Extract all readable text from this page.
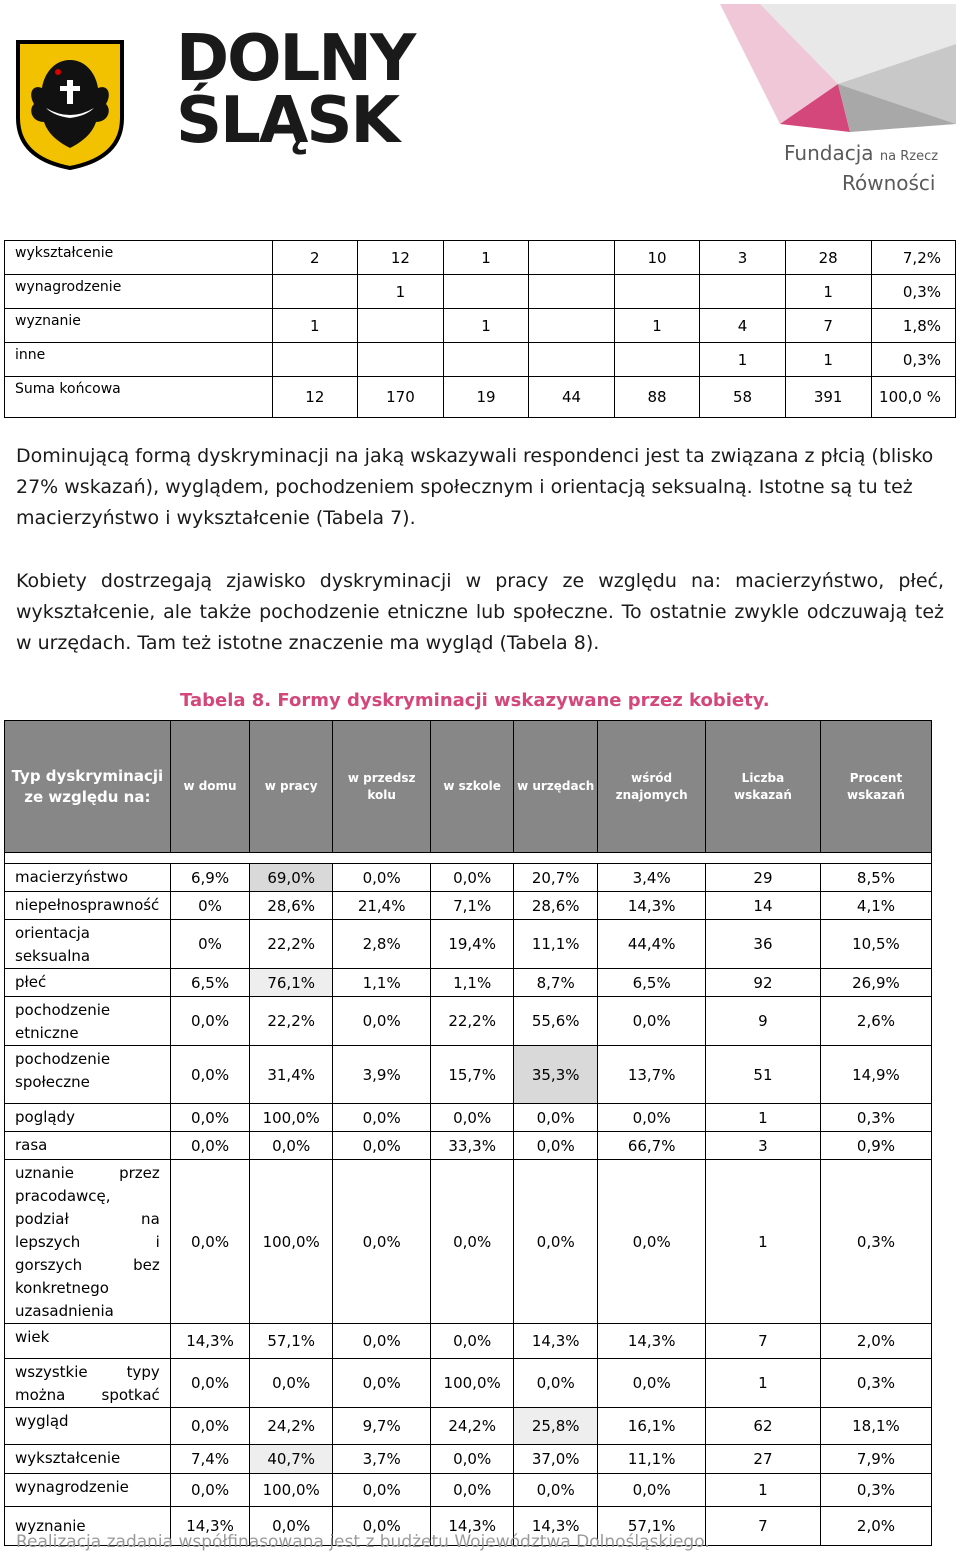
DOLNY
ŚLĄSK	Fundacja na Rzecz
Równości
wykształcenie	2	12	1		10	3	28	7,2%
wynagrodzenie		1					1	0,3%
wyznanie	1		1		1	4	7	1,8%
inne						1	1	0,3%
Suma końcowa	12	170	19	44	88	58	391	100,0 %
Dominującą formą dyskryminacji na jaką wskazywali respondenci jest ta związana z płcią (blisko 27% wskazań), wyglądem, pochodzeniem społecznym i orientacją seksualną. Istotne są tu też macierzyństwo i wykształcenie (Tabela 7).
Kobiety dostrzegają zjawisko dyskryminacji w pracy ze względu na: macierzyństwo, płeć, wykształcenie, ale także pochodzenie etniczne lub społeczne. To ostatnie zwykle odczuwają też w urzędach. Tam też istotne znaczenie ma wygląd (Tabela 8).
Tabela 8. Formy dyskryminacji wskazywane przez kobiety.
Typ dyskryminacji ze względu na:	w domu	w pracy	w przedszkolu	w szkole	w urzędach	wśród znajomych	Liczba wskazań	Procent wskazań

macierzyństwo	6,9%	69,0%	0,0%	0,0%	20,7%	3,4%	29	8,5%
niepełnosprawność	0%	28,6%	21,4%	7,1%	28,6%	14,3%	14	4,1%
orientacja seksualna	0%	22,2%	2,8%	19,4%	11,1%	44,4%	36	10,5%
płeć	6,5%	76,1%	1,1%	1,1%	8,7%	6,5%	92	26,9%
pochodzenie etniczne	0,0%	22,2%	0,0%	22,2%	55,6%	0,0%	9	2,6%
pochodzenie społeczne	0,0%	31,4%	3,9%	15,7%	35,3%	13,7%	51	14,9%
poglądy	0,0%	100,0%	0,0%	0,0%	0,0%	0,0%	1	0,3%
rasa	0,0%	0,0%	0,0%	33,3%	0,0%	66,7%	3	0,9%
uznanie przez pracodawcę, podział na lepszych i gorszych bez konkretnego uzasadnienia	0,0%	100,0%	0,0%	0,0%	0,0%	0,0%	1	0,3%
wiek	14,3%	57,1%	0,0%	0,0%	14,3%	14,3%	7	2,0%
wszystkie typy można spotkać	0,0%	0,0%	0,0%	100,0%	0,0%	0,0%	1	0,3%
wygląd	0,0%	24,2%	9,7%	24,2%	25,8%	16,1%	62	18,1%
wykształcenie	7,4%	40,7%	3,7%	0,0%	37,0%	11,1%	27	7,9%
wynagrodzenie	0,0%	100,0%	0,0%	0,0%	0,0%	0,0%	1	0,3%
wyznanie	14,3%	0,0%	0,0%	14,3%	14,3%	57,1%	7	2,0%
Realizacja zadania współfinasowana jest z budżetu Województwa Dolnośląskiego.
